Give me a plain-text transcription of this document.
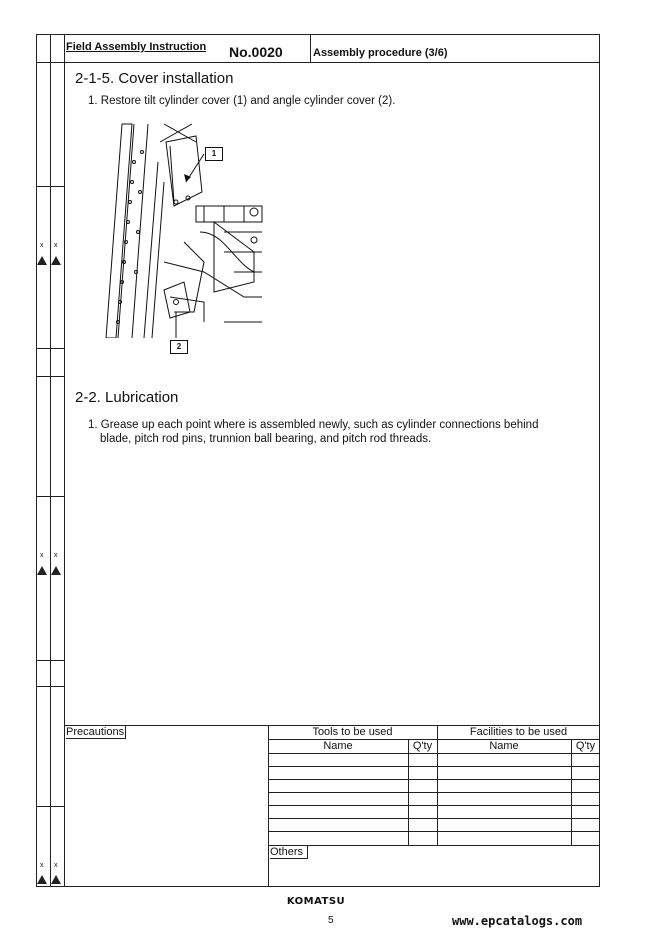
x x
x x
x x
Field Assembly Instruction No.0020	Assembly procedure (3/6)
2-1-5. Cover installation
1. Restore tilt cylinder cover (1) and angle cylinder cover (2).
1
2
2-2. Lubrication
1. Grease up each point where is assembled newly, such as cylinder connections behind
blade, pitch rod pins, trunnion ball bearing, and pitch rod threads.
Precautions	Tools to be used	Facilities to be used
Name	Q'ty	Name	Q'ty
Others
KOMATSU
5	www.epcatalogs.com
